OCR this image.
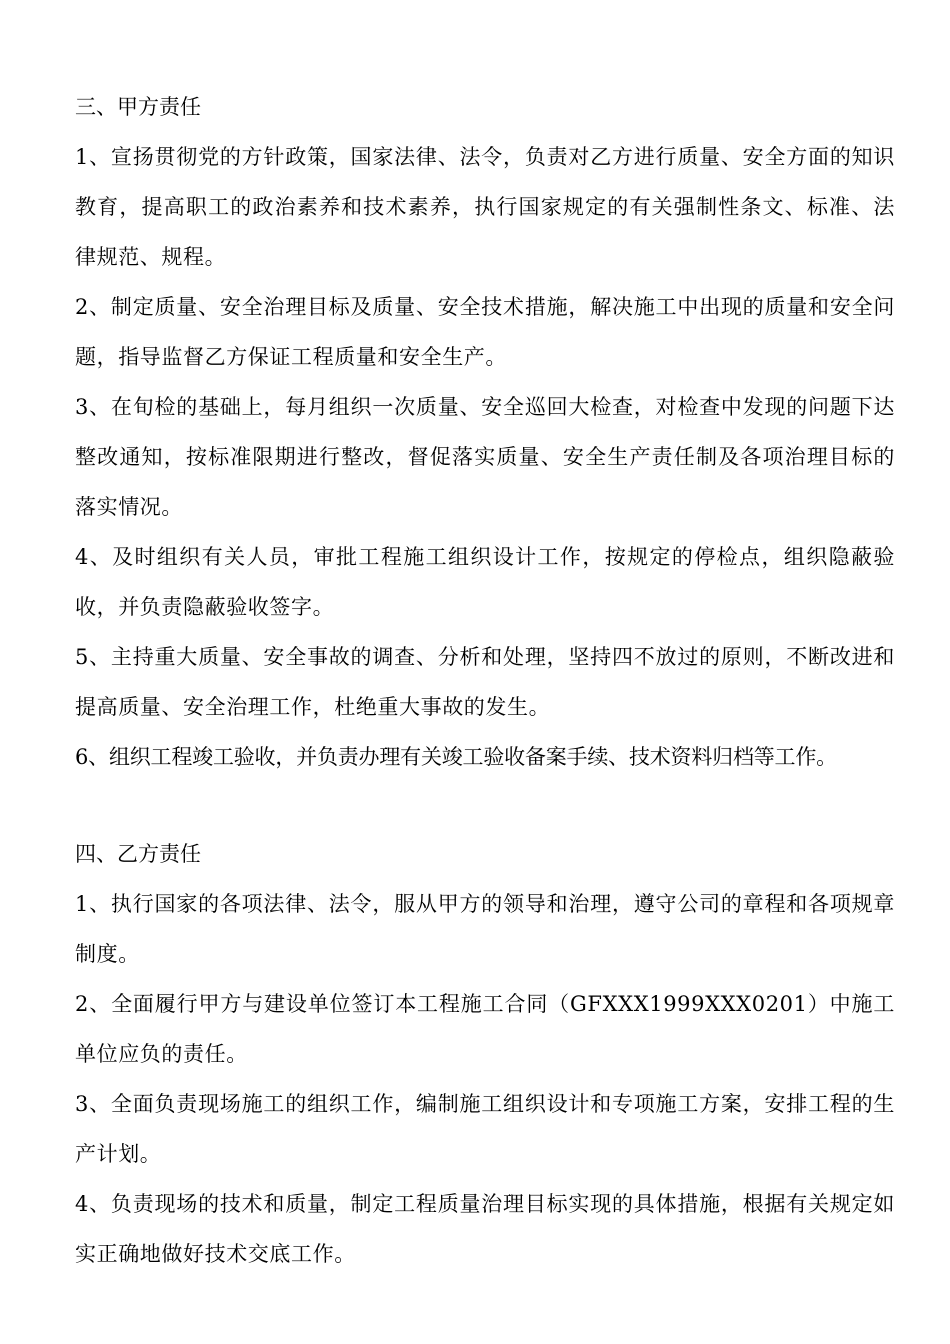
三、甲方责任

1、宣扬贯彻党的方针政策，国家法律、法令，负责对乙方进行质量、安全方面的知识教育，提高职工的政治素养和技术素养，执行国家规定的有关强制性条文、标准、法律规范、规程。

2、制定质量、安全治理目标及质量、安全技术措施，解决施工中出现的质量和安全问题，指导监督乙方保证工程质量和安全生产。

3、在旬检的基础上，每月组织一次质量、安全巡回大检查，对检查中发现的问题下达整改通知，按标准限期进行整改，督促落实质量、安全生产责任制及各项治理目标的落实情况。

4、及时组织有关人员，审批工程施工组织设计工作，按规定的停检点，组织隐蔽验收，并负责隐蔽验收签字。

5、主持重大质量、安全事故的调查、分析和处理，坚持四不放过的原则，不断改进和提高质量、安全治理工作，杜绝重大事故的发生。

6、组织工程竣工验收，并负责办理有关竣工验收备案手续、技术资料归档等工作。

四、乙方责任

1、执行国家的各项法律、法令，服从甲方的领导和治理，遵守公司的章程和各项规章制度。

2、全面履行甲方与建设单位签订本工程施工合同（GFXXX1999XXX0201）中施工单位应负的责任。

3、全面负责现场施工的组织工作，编制施工组织设计和专项施工方案，安排工程的生产计划。

4、负责现场的技术和质量，制定工程质量治理目标实现的具体措施，根据有关规定如实正确地做好技术交底工作。
